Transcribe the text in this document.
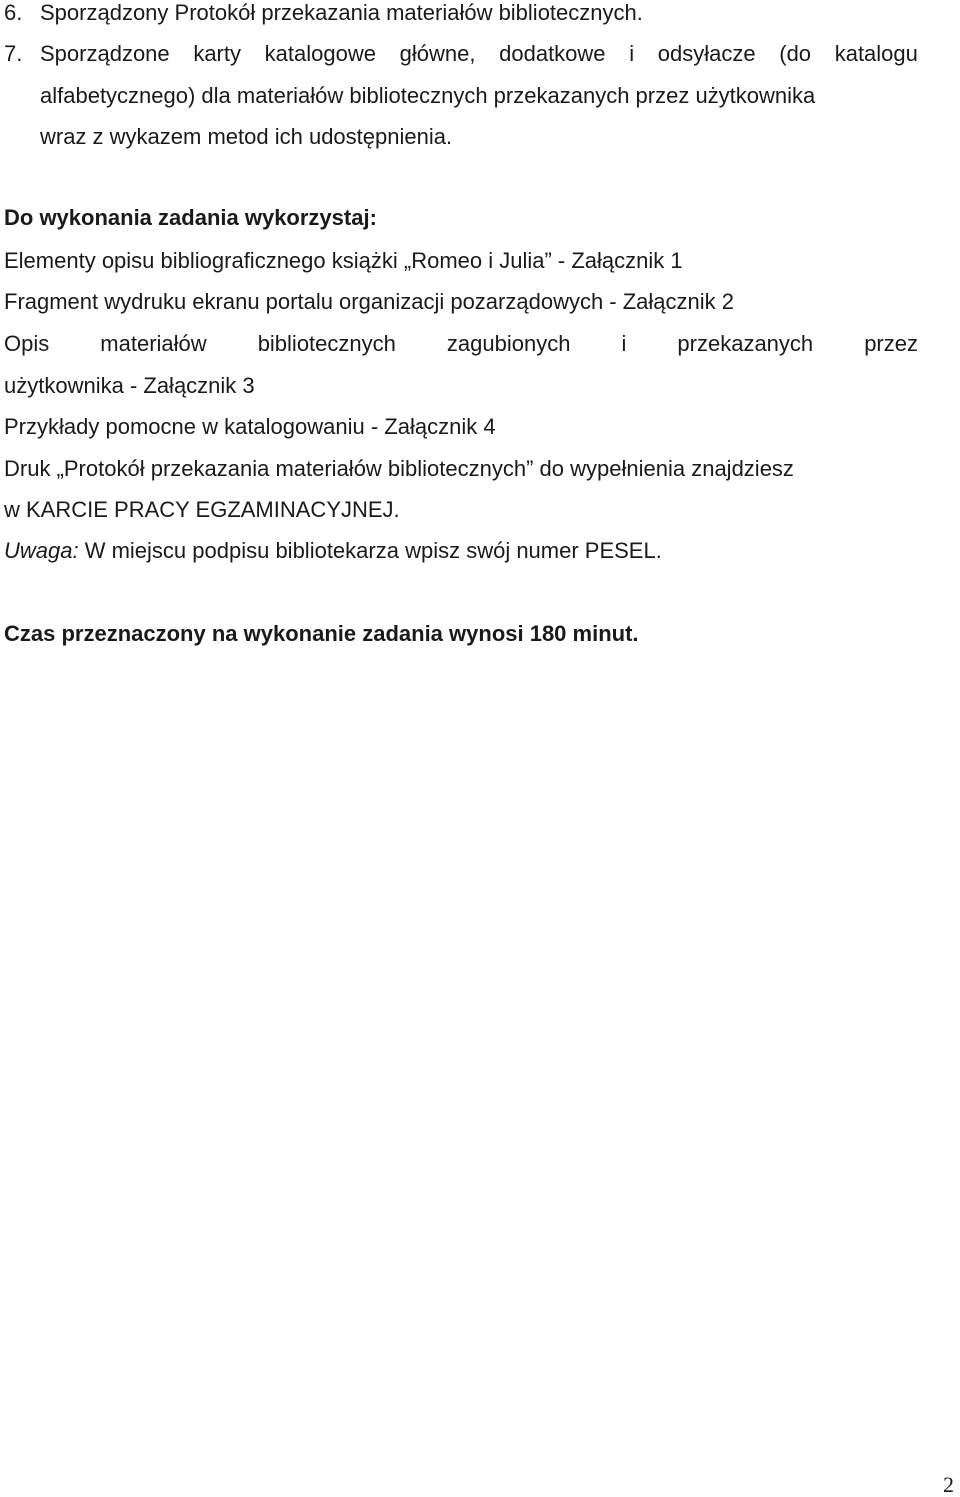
6. Sporządzony Protokół przekazania materiałów bibliotecznych.
7. Sporządzone karty katalogowe główne, dodatkowe i odsyłacze (do katalogu
alfabetycznego) dla materiałów bibliotecznych przekazanych przez użytkownika
wraz z wykazem metod ich udostępnienia.
Do wykonania zadania wykorzystaj:
Elementy opisu bibliograficznego książki „Romeo i Julia” - Załącznik 1
Fragment wydruku ekranu portalu organizacji pozarządowych - Załącznik 2
Opis materiałów bibliotecznych zagubionych i przekazanych przez
użytkownika - Załącznik 3
Przykłady pomocne w katalogowaniu - Załącznik 4
Druk „Protokół przekazania materiałów bibliotecznych” do wypełnienia znajdziesz
w KARCIE PRACY EGZAMINACYJNEJ.
Uwaga: W miejscu podpisu bibliotekarza wpisz swój numer PESEL.
Czas przeznaczony na wykonanie zadania wynosi 180 minut.
2
